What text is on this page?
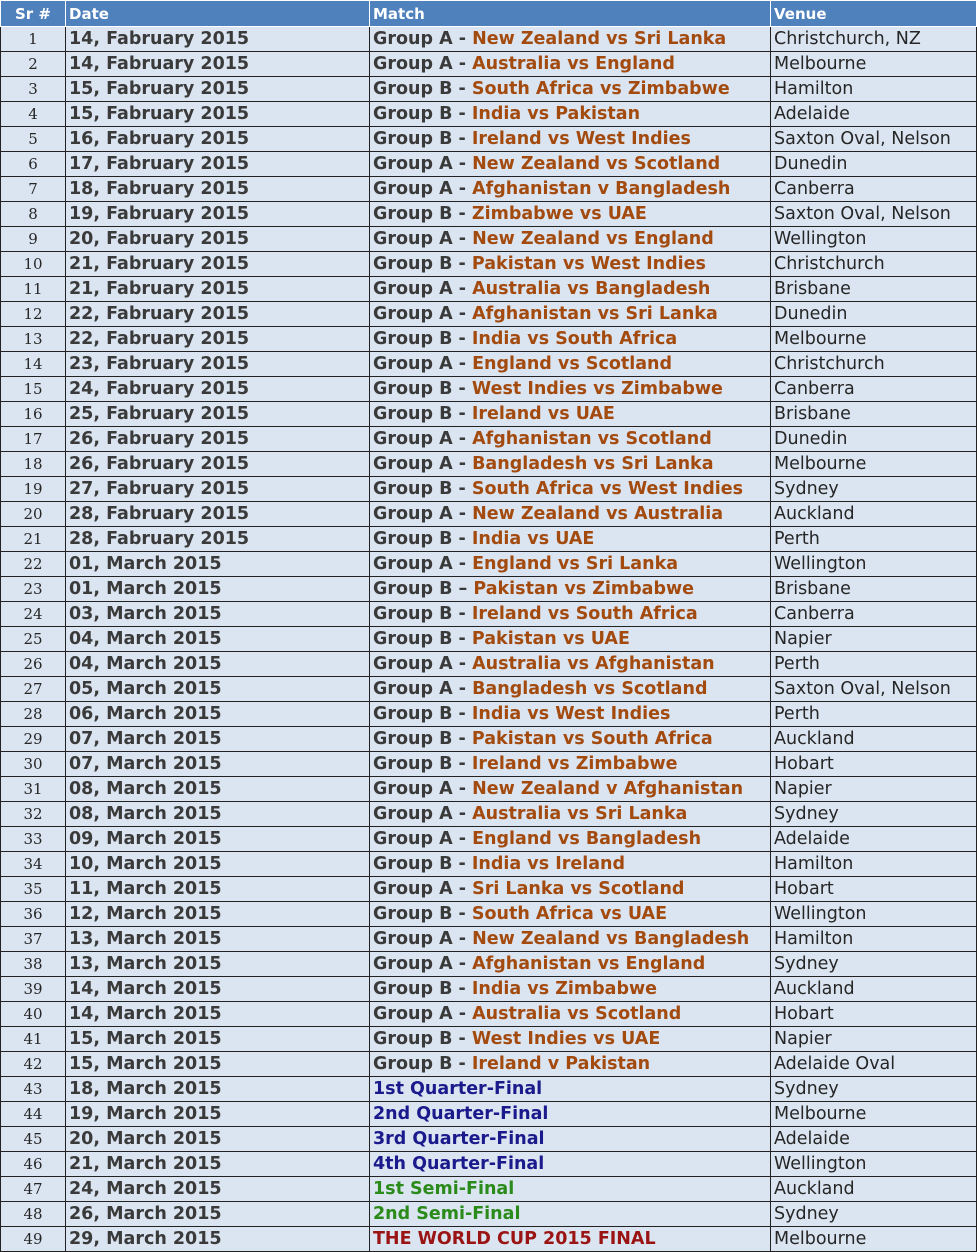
Sr #	Date	Match	Venue
1	14, Fabruary 2015	Group A - New Zealand vs Sri Lanka	Christchurch, NZ
2	14, Fabruary 2015	Group A - Australia vs England	Melbourne
3	15, Fabruary 2015	Group B - South Africa vs Zimbabwe	Hamilton
4	15, Fabruary 2015	Group B - India vs Pakistan	Adelaide
5	16, Fabruary 2015	Group B - Ireland vs West Indies	Saxton Oval, Nelson
6	17, Fabruary 2015	Group A - New Zealand vs Scotland	Dunedin
7	18, Fabruary 2015	Group A - Afghanistan v Bangladesh	Canberra
8	19, Fabruary 2015	Group B - Zimbabwe vs UAE	Saxton Oval, Nelson
9	20, Fabruary 2015	Group A - New Zealand vs England	Wellington
10	21, Fabruary 2015	Group B - Pakistan vs West Indies	Christchurch
11	21, Fabruary 2015	Group A - Australia vs Bangladesh	Brisbane
12	22, Fabruary 2015	Group A - Afghanistan vs Sri Lanka	Dunedin
13	22, Fabruary 2015	Group B - India vs South Africa	Melbourne
14	23, Fabruary 2015	Group A - England vs Scotland	Christchurch
15	24, Fabruary 2015	Group B - West Indies vs Zimbabwe	Canberra
16	25, Fabruary 2015	Group B - Ireland vs UAE	Brisbane
17	26, Fabruary 2015	Group A - Afghanistan vs Scotland	Dunedin
18	26, Fabruary 2015	Group A - Bangladesh vs Sri Lanka	Melbourne
19	27, Fabruary 2015	Group B - South Africa vs West Indies	Sydney
20	28, Fabruary 2015	Group A - New Zealand vs Australia	Auckland
21	28, Fabruary 2015	Group B - India vs UAE	Perth
22	01, March 2015	Group A - England vs Sri Lanka	Wellington
23	01, March 2015	Group B – Pakistan vs Zimbabwe	Brisbane
24	03, March 2015	Group B - Ireland vs South Africa	Canberra
25	04, March 2015	Group B - Pakistan vs UAE	Napier
26	04, March 2015	Group A - Australia vs Afghanistan	Perth
27	05, March 2015	Group A - Bangladesh vs Scotland	Saxton Oval, Nelson
28	06, March 2015	Group B - India vs West Indies	Perth
29	07, March 2015	Group B - Pakistan vs South Africa	Auckland
30	07, March 2015	Group B - Ireland vs Zimbabwe	Hobart
31	08, March 2015	Group A - New Zealand v Afghanistan	Napier
32	08, March 2015	Group A - Australia vs Sri Lanka	Sydney
33	09, March 2015	Group A - England vs Bangladesh	Adelaide
34	10, March 2015	Group B - India vs Ireland	Hamilton
35	11, March 2015	Group A - Sri Lanka vs Scotland	Hobart
36	12, March 2015	Group B - South Africa vs UAE	Wellington
37	13, March 2015	Group A - New Zealand vs Bangladesh	Hamilton
38	13, March 2015	Group A - Afghanistan vs England	Sydney
39	14, March 2015	Group B - India vs Zimbabwe	Auckland
40	14, March 2015	Group A - Australia vs Scotland	Hobart
41	15, March 2015	Group B - West Indies vs UAE	Napier
42	15, March 2015	Group B - Ireland v Pakistan	Adelaide Oval
43	18, March 2015	1st Quarter-Final	Sydney
44	19, March 2015	2nd Quarter-Final	Melbourne
45	20, March 2015	3rd Quarter-Final	Adelaide
46	21, March 2015	4th Quarter-Final	Wellington
47	24, March 2015	1st Semi-Final	Auckland
48	26, March 2015	2nd Semi-Final	Sydney
49	29, March 2015	THE WORLD CUP 2015 FINAL	Melbourne
